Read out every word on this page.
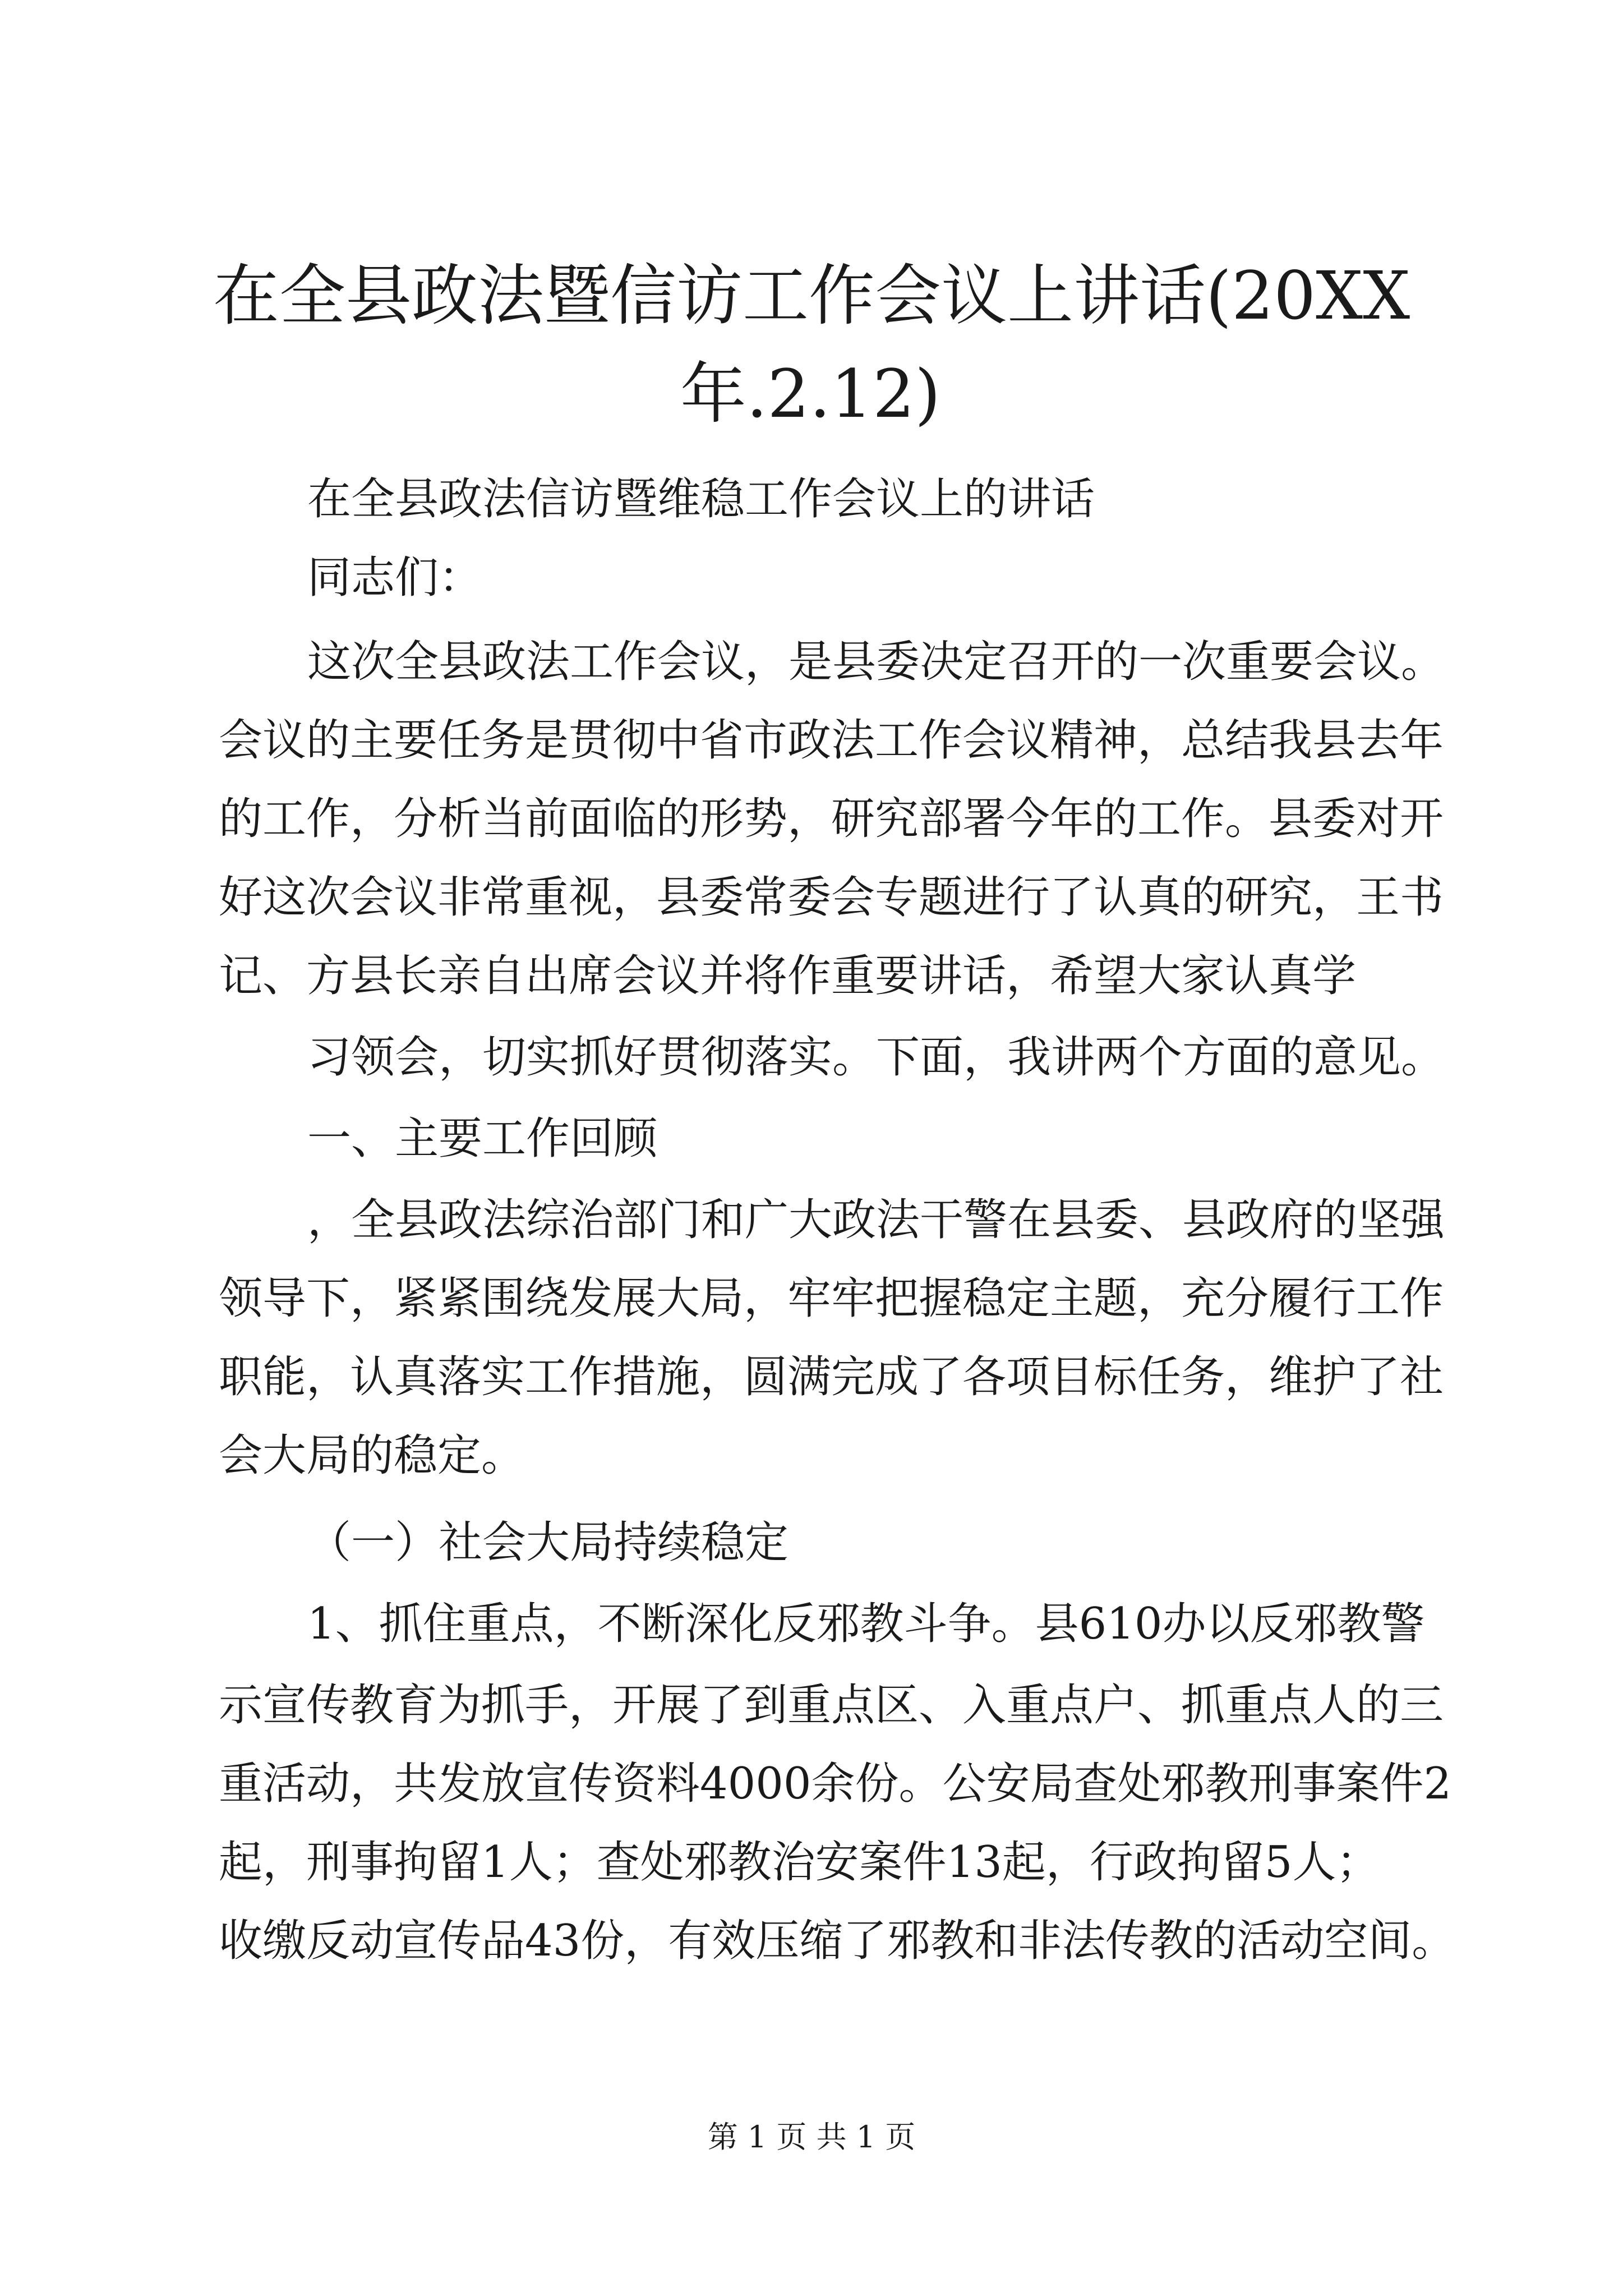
在全县政法暨信访工作会议上讲话(20XX
年.2.12)

在全县政法信访暨维稳工作会议上的讲话

同志们：

这次全县政法工作会议，是县委决定召开的一次重要会议。

会议的主要任务是贯彻中省市政法工作会议精神，总结我县去年

的工作，分析当前面临的形势，研究部署今年的工作。县委对开

好这次会议非常重视，县委常委会专题进行了认真的研究，王书

记、方县长亲自出席会议并将作重要讲话，希望大家认真学

习领会，切实抓好贯彻落实。下面，我讲两个方面的意见。

一、主要工作回顾

，全县政法综治部门和广大政法干警在县委、县政府的坚强

领导下，紧紧围绕发展大局，牢牢把握稳定主题，充分履行工作

职能，认真落实工作措施，圆满完成了各项目标任务，维护了社

会大局的稳定。

（一）社会大局持续稳定

1、抓住重点，不断深化反邪教斗争。县610办以反邪教警

示宣传教育为抓手，开展了到重点区、入重点户、抓重点人的三

重活动，共发放宣传资料4000余份。公安局查处邪教刑事案件2

起，刑事拘留1人；查处邪教治安案件13起，行政拘留5人；

收缴反动宣传品43份，有效压缩了邪教和非法传教的活动空间。

第 1 页 共 1 页
